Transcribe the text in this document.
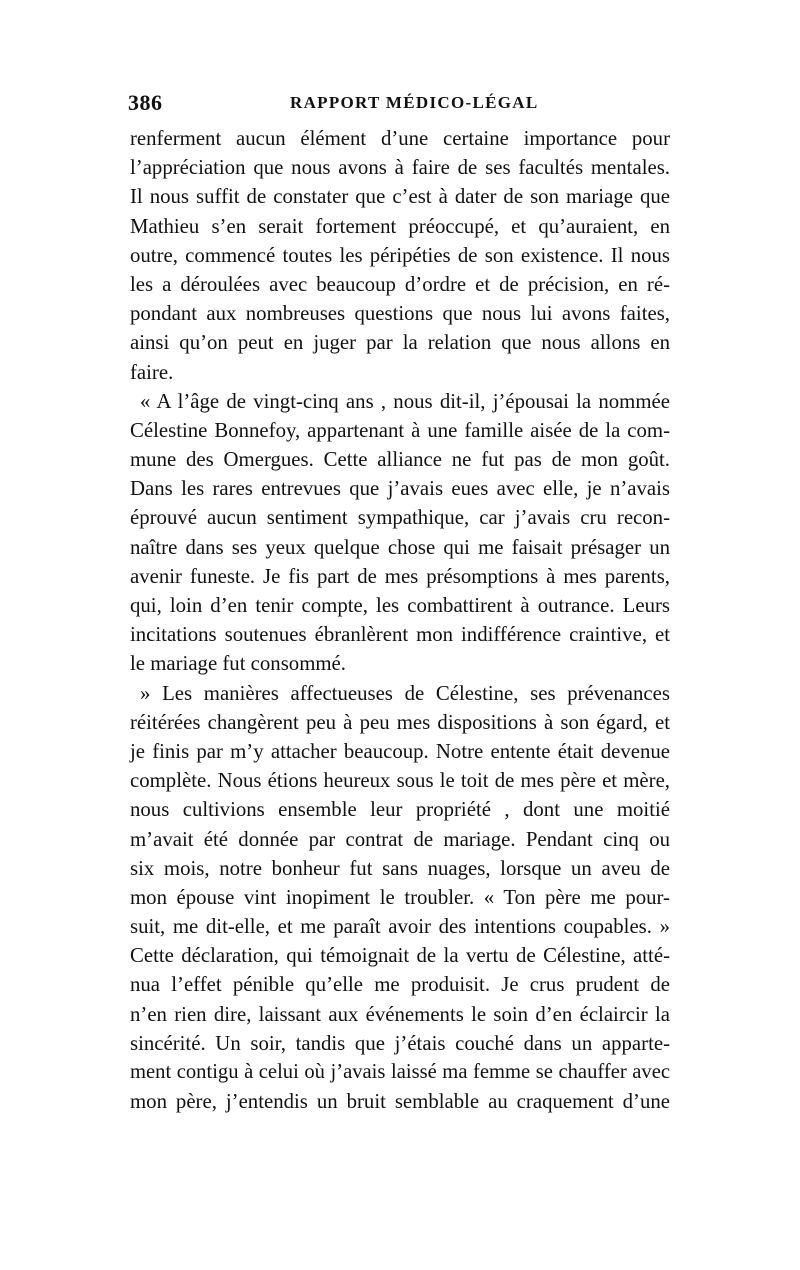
386	RAPPORT MÉDICO-LÉGAL
renferment aucun élément d’une certaine importance pour
l’appréciation que nous avons à faire de ses facultés mentales.
Il nous suffit de constater que c’est à dater de son mariage que
Mathieu s’en serait fortement préoccupé, et qu’auraient, en
outre, commencé toutes les péripéties de son existence. Il nous
les a déroulées avec beaucoup d’ordre et de précision, en ré-
pondant aux nombreuses questions que nous lui avons faites,
ainsi qu’on peut en juger par la relation que nous allons en
faire.
« A l’âge de vingt-cinq ans , nous dit-il, j’épousai la nommée
Célestine Bonnefoy, appartenant à une famille aisée de la com-
mune des Omergues. Cette alliance ne fut pas de mon goût.
Dans les rares entrevues que j’avais eues avec elle, je n’avais
éprouvé aucun sentiment sympathique, car j’avais cru recon-
naître dans ses yeux quelque chose qui me faisait présager un
avenir funeste. Je fis part de mes présomptions à mes parents,
qui, loin d’en tenir compte, les combattirent à outrance. Leurs
incitations soutenues ébranlèrent mon indifférence craintive, et
le mariage fut consommé.
» Les manières affectueuses de Célestine, ses prévenances
réitérées changèrent peu à peu mes dispositions à son égard, et
je finis par m’y attacher beaucoup. Notre entente était devenue
complète. Nous étions heureux sous le toit de mes père et mère,
nous cultivions ensemble leur propriété , dont une moitié
m’avait été donnée par contrat de mariage. Pendant cinq ou
six mois, notre bonheur fut sans nuages, lorsque un aveu de
mon épouse vint inopiment le troubler. « Ton père me pour-
suit, me dit-elle, et me paraît avoir des intentions coupables. »
Cette déclaration, qui témoignait de la vertu de Célestine, atté-
nua l’effet pénible qu’elle me produisit. Je crus prudent de
n’en rien dire, laissant aux événements le soin d’en éclaircir la
sincérité. Un soir, tandis que j’étais couché dans un apparte-
ment contigu à celui où j’avais laissé ma femme se chauffer avec
mon père, j’entendis un bruit semblable au craquement d’une
